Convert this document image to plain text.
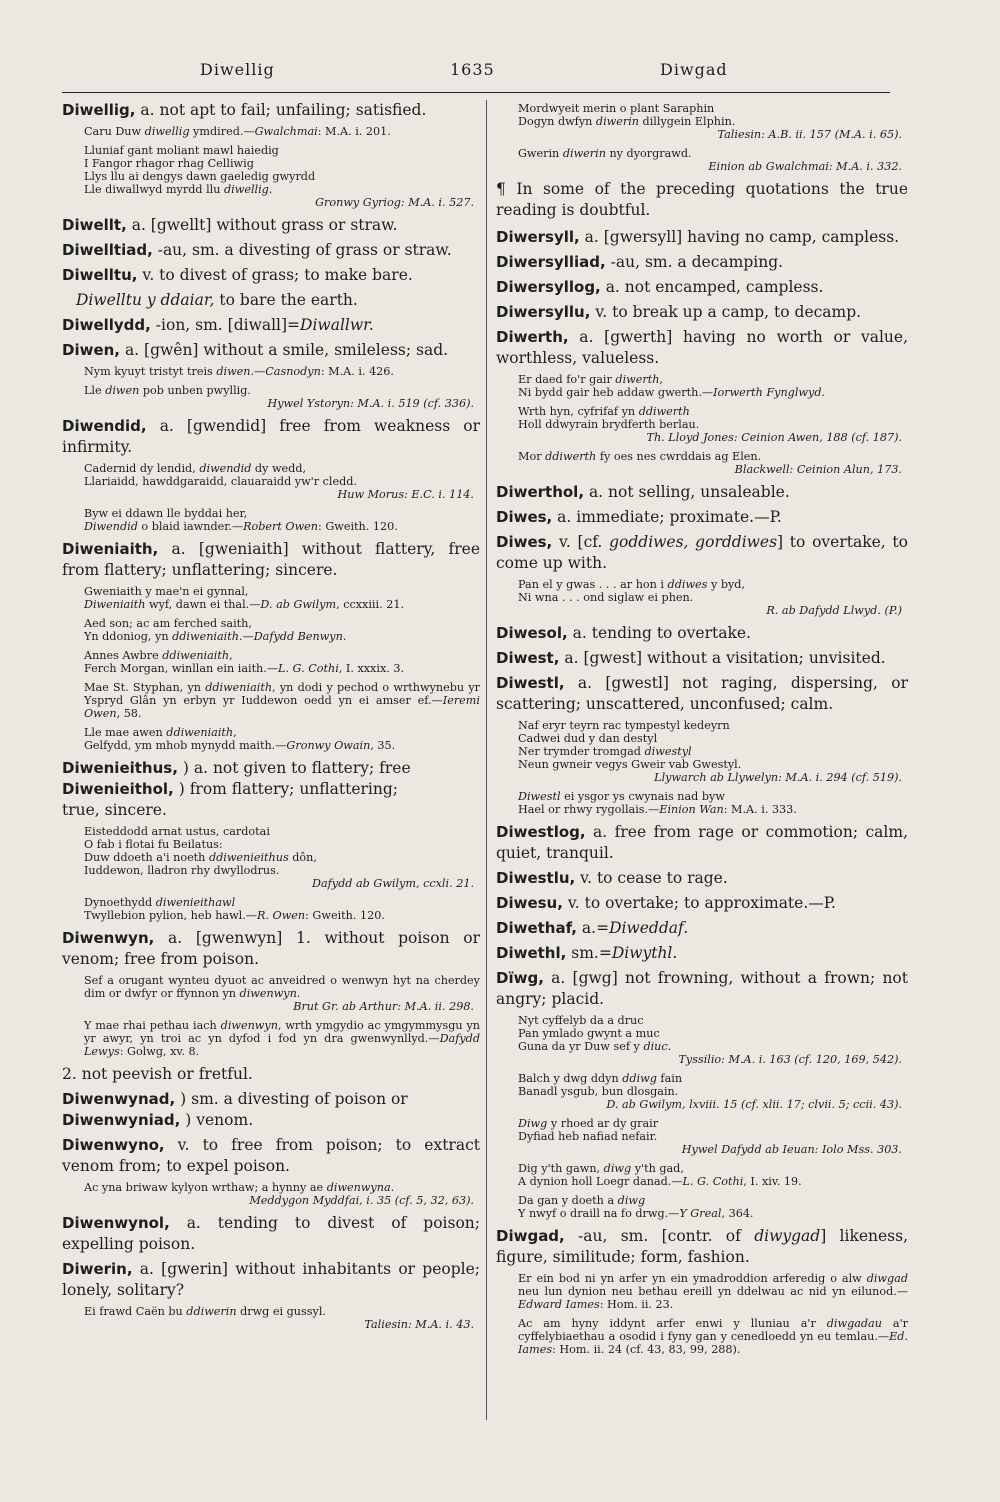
Diwellig	1635	Diwgad

Diwellig, a. not apt to fail; unfailing; satisfied.

Caru Duw diwellig ymdired.—Gwalchmai: M.A. i. 201.
Lluniaf gant moliant mawl haiedig
I Fangor rhagor rhag Celliwig
Llys llu ai dengys dawn gaeledig gwyrdd
Lle diwallwyd myrdd llu diwellig.
Gronwy Gyriog: M.A. i. 527.

Diwellt, a. [gwellt] without grass or straw.

Diwelltiad, -au, sm. a divesting of grass or straw.

Diwelltu, v. to divest of grass; to make bare.

Diwelltu y ddaiar, to bare the earth.

Diwellydd, -ion, sm. [diwall]=Diwallwr.

Diwen, a. [gwên] without a smile, smileless; sad.

Nym kyuyt tristyt treis diwen.—Casnodyn: M.A. i. 426.
Lle diwen pob unben pwyllig.
Hywel Ystoryn: M.A. i. 519 (cf. 336).

Diwendid, a. [gwendid] free from weakness or infirmity.

Cadernid dy lendid, diwendid dy wedd,
Llariaidd, hawddgaraidd, clauaraidd yw'r cledd.
Huw Morus: E.C. i. 114.
Byw ei ddawn lle byddai her,
Diwendid o blaid iawnder.—Robert Owen: Gweith. 120.

Diweniaith, a. [gweniaith] without flattery, free from flattery; unflattering; sincere.

Gweniaith y mae'n ei gynnal,
Diweniaith wyf, dawn ei thal.—D. ab Gwilym, ccxxiii. 21.
Aed son; ac am ferched saith,
Yn ddoniog, yn ddiweniaith.—Dafydd Benwyn.
Annes Awbre ddiweniaith,
Ferch Morgan, winllan ein iaith.—L. G. Cothi, I. xxxix. 3.
Mae St. Styphan, yn ddiweniaith, yn dodi y pechod o wrthwynebu yr Yspryd Glân yn erbyn yr Iuddewon oedd yn ei amser ef.—Ieremi Owen, 58.
Lle mae awen ddiweniaith,
Gelfydd, ym mhob mynydd maith.—Gronwy Owain, 35.
Diwenieithus, ) a. not given to flattery; free
Diwenieithol, ) from flattery; unflattering;
true, sincere.
Eisteddodd arnat ustus, cardotai
O fab i flotai fu Beilatus:
Duw ddoeth a'i noeth ddiwenieithus dôn,
Iuddewon, lladron rhy dwyllodrus.
Dafydd ab Gwilym, ccxli. 21.
Dynoethydd diwenieithawl
Twyllebion pylion, heb hawl.—R. Owen: Gweith. 120.

Diwenwyn, a. [gwenwyn] 1. without poison or venom; free from poison.

Sef a orugant wynteu dyuot ac anveidred o wenwyn hyt na cherdey dim or dwfyr or ffynnon yn diwenwyn.
Brut Gr. ab Arthur: M.A. ii. 298.
Y mae rhai pethau iach diwenwyn, wrth ymgydio ac ymgymmysgu yn yr awyr, yn troi ac yn dyfod i fod yn dra gwenwynllyd.—Dafydd Lewys: Golwg, xv. 8.

2. not peevish or fretful.

Diwenwynad, ) sm. a divesting of poison or
Diwenwyniad, ) venom.

Diwenwyno, v. to free from poison; to extract venom from; to expel poison.

Ac yna briwaw kylyon wrthaw; a hynny ae diwenwyna.
Meddygon Myddfai, i. 35 (cf. 5, 32, 63).

Diwenwynol, a. tending to divest of poison; expelling poison.

Diwerin, a. [gwerin] without inhabitants or people; lonely, solitary?

Ei frawd Caën bu ddiwerin drwg ei gussyl.
Taliesin: M.A. i. 43.
Mordwyeit merin o plant Saraphin
Dogyn dwfyn diwerin dillygein Elphin.
Taliesin: A.B. ii. 157 (M.A. i. 65).
Gwerin diwerin ny dyorgrawd.
Einion ab Gwalchmai: M.A. i. 332.

¶ In some of the preceding quotations the true reading is doubtful.

Diwersyll, a. [gwersyll] having no camp, campless.

Diwersylliad, -au, sm. a decamping.

Diwersyllog, a. not encamped, campless.

Diwersyllu, v. to break up a camp, to decamp.

Diwerth, a. [gwerth] having no worth or value, worthless, valueless.

Er daed fo'r gair diwerth,
Ni bydd gair heb addaw gwerth.—Iorwerth Fynglwyd.
Wrth hyn, cyfrifaf yn ddiwerth
Holl ddwyrain brydferth berlau.
Th. Lloyd Jones: Ceinion Awen, 188 (cf. 187).
Mor ddiwerth fy oes nes cwrddais ag Elen.
Blackwell: Ceinion Alun, 173.

Diwerthol, a. not selling, unsaleable.

Diwes, a. immediate; proximate.—P.

Diwes, v. [cf. goddiwes, gorddiwes] to overtake, to come up with.

Pan el y gwas . . . ar hon i ddiwes y byd,
Ni wna . . . ond siglaw ei phen.
R. ab Dafydd Llwyd. (P.)

Diwesol, a. tending to overtake.

Diwest, a. [gwest] without a visitation; unvisited.

Diwestl, a. [gwestl] not raging, dispersing, or scattering; unscattered, unconfused; calm.

Naf eryr teyrn rac tympestyl kedeyrn
Cadwei dud y dan destyl
Ner trymder tromgad diwestyl
Neun gwneir vegys Gweir vab Gwestyl.
Llywarch ab Llywelyn: M.A. i. 294 (cf. 519).
Diwestl ei ysgor ys cwynais nad byw
Hael or rhwy rygollais.—Einion Wan: M.A. i. 333.

Diwestlog, a. free from rage or commotion; calm, quiet, tranquil.

Diwestlu, v. to cease to rage.

Diwesu, v. to overtake; to approximate.—P.

Diwethaf, a.=Diweddaf.

Diwethl, sm.=Diwythl.

Dïwg, a. [gwg] not frowning, without a frown; not angry; placid.

Nyt cyffelyb da a druc
Pan ymlado gwynt a muc
Guna da yr Duw sef y diuc.
Tyssilio: M.A. i. 163 (cf. 120, 169, 542).
Balch y dwg ddyn ddiwg fain
Banadl ysgub, bun dlosgain.
D. ab Gwilym, lxviii. 15 (cf. xlii. 17; clvii. 5; ccii. 43).
Diwg y rhoed ar dy grair
Dyfiad heb nafiad nefair.
Hywel Dafydd ab Ieuan: Iolo Mss. 303.
Dig y'th gawn, diwg y'th gad,
A dynion holl Loegr danad.—L. G. Cothi, I. xiv. 19.
Da gan y doeth a diwg
Y nwyf o draill na fo drwg.—Y Greal, 364.

Diwgad, -au, sm. [contr. of diwygad] likeness, figure, similitude; form, fashion.

Er ein bod ni yn arfer yn ein ymadroddion arferedig o alw diwgad neu lun dynion neu bethau ereill yn ddelwau ac nid yn eilunod.—Edward Iames: Hom. ii. 23.
Ac am hyny iddynt arfer enwi y lluniau a'r diwgadau a'r cyffelybiaethau a osodid i fyny gan y cenedloedd yn eu temlau.—Ed. Iames: Hom. ii. 24 (cf. 43, 83, 99, 288).
